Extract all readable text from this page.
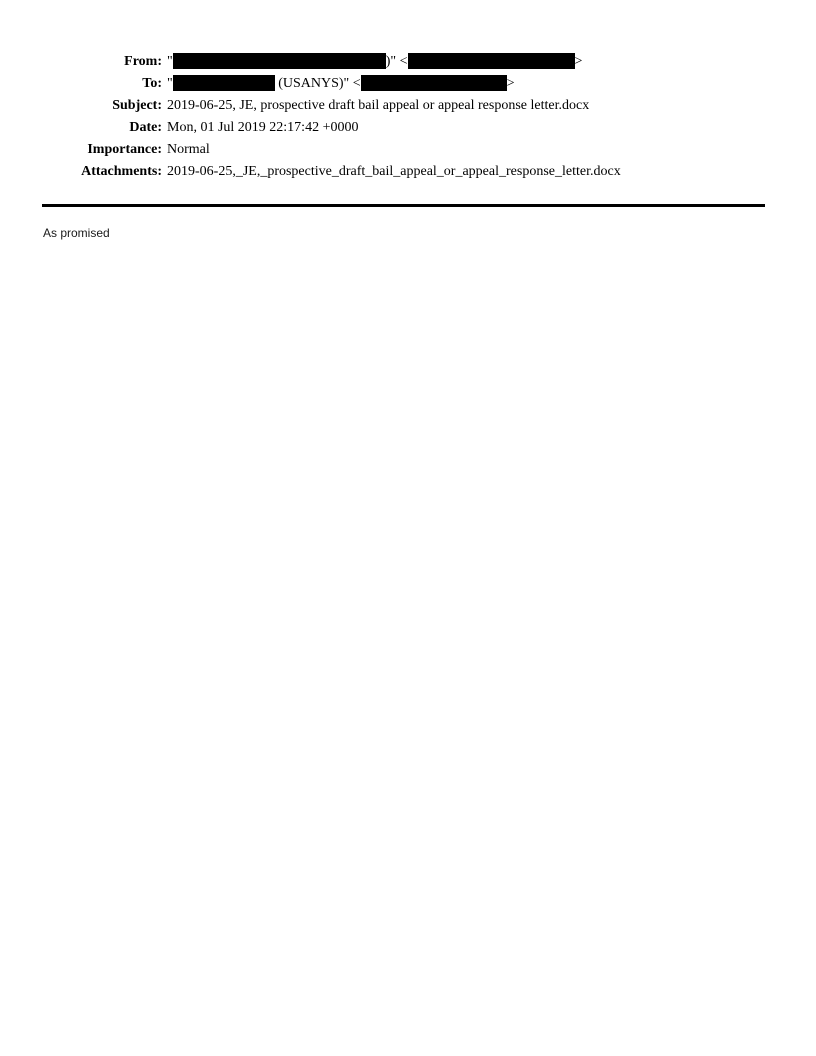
From: "	)" <	>
To: "	(USANYS)" <	>
Subject: 2019-06-25, JE, prospective draft bail appeal or appeal response letter.docx
Date: Mon, 01 Jul 2019 22:17:42 +0000
Importance: Normal
Attachments: 2019-06-25,_JE,_prospective_draft_bail_appeal_or_appeal_response_letter.docx
As promised
